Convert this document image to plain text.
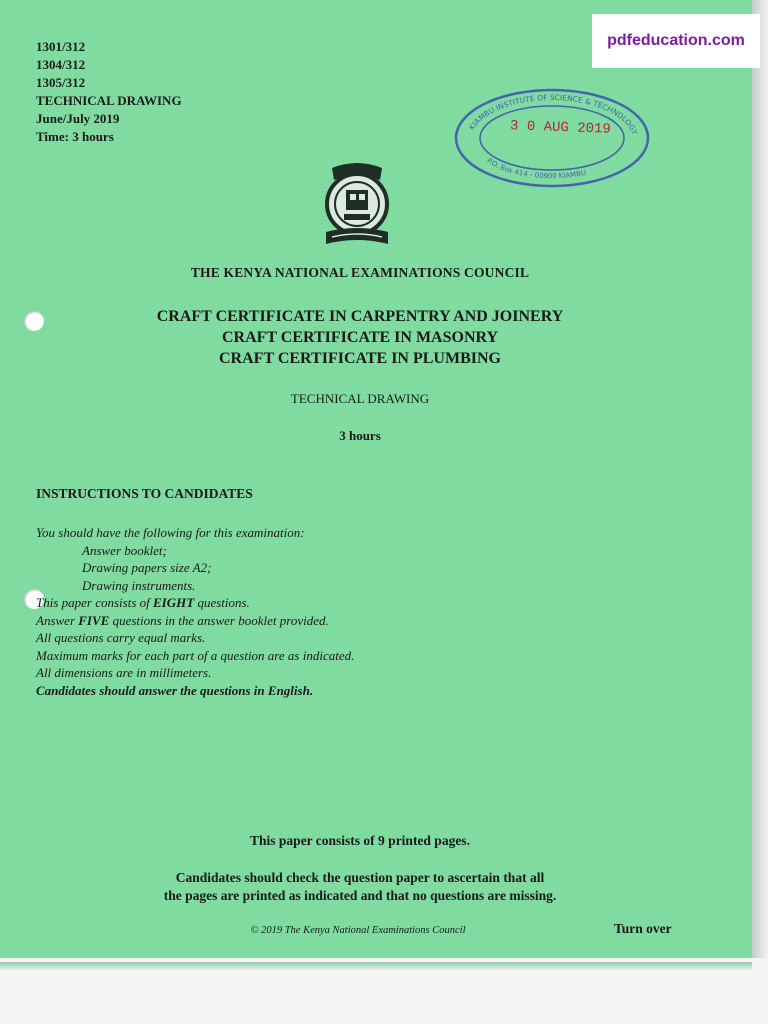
1301/312
1304/312
1305/312
TECHNICAL DRAWING
June/July 2019
Time: 3 hours
KIAMBU INSTITUTE OF SCIENCE & TECHNOLOGY
P.O. Box 414 - 00900 KIAMBU
3 0 AUG 2019
THE KENYA NATIONAL EXAMINATIONS COUNCIL
CRAFT CERTIFICATE IN CARPENTRY AND JOINERY
CRAFT CERTIFICATE IN MASONRY
CRAFT CERTIFICATE IN PLUMBING
TECHNICAL DRAWING
3 hours
INSTRUCTIONS TO CANDIDATES
You should have the following for this examination:
Answer booklet;
Drawing papers size A2;
Drawing instruments.
This paper consists of EIGHT questions.
Answer FIVE questions in the answer booklet provided.
All questions carry equal marks.
Maximum marks for each part of a question are as indicated.
All dimensions are in millimeters.
Candidates should answer the questions in English.
This paper consists of 9 printed pages.
Candidates should check the question paper to ascertain that all
the pages are printed as indicated and that no questions are missing.
© 2019 The Kenya National Examinations Council	Turn over
pdfeducation.com
